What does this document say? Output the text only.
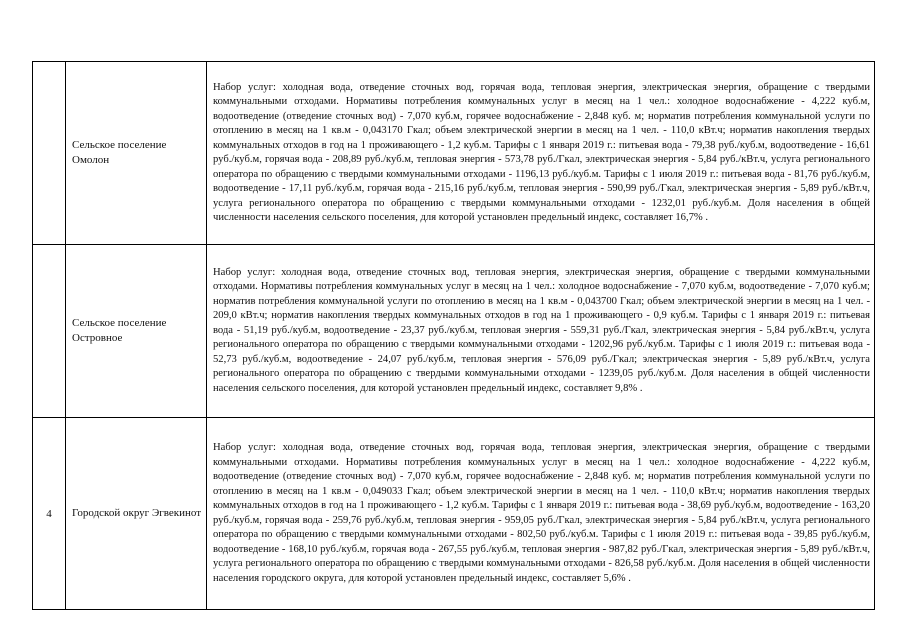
	Сельское поселение Омолон	Набор услуг: холодная вода, отведение сточных вод, горячая вода, тепловая энергия, электрическая энергия, обращение с твердыми коммунальными отходами. Нормативы потребления коммунальных услуг в месяц на 1 чел.: холодное водоснабжение - 4,222 куб.м, водоотведение (отведение сточных вод) - 7,070 куб.м, горячее водоснабжение - 2,848 куб. м; норматив потребления коммунальной услуги по отоплению в месяц на 1 кв.м - 0,043170 Гкал; объем электрической энергии в месяц на 1 чел. - 110,0 кВт.ч; норматив накопления твердых коммунальных отходов в год на 1 проживающего - 1,2 куб.м. Тарифы с 1 января 2019 г.: питьевая вода - 79,38 руб./куб.м, водоотведение - 16,61 руб./куб.м, горячая вода - 208,89 руб./куб.м, тепловая энергия - 573,78 руб./Гкал, электрическая энергия - 5,84 руб./кВт.ч, услуга регионального оператора по обращению с твердыми коммунальными отходами - 1196,13 руб./куб.м. Тарифы с 1 июля 2019 г.: питьевая вода - 81,76 руб./куб.м, водоотведение - 17,11 руб./куб.м, горячая вода - 215,16 руб./куб.м, тепловая энергия - 590,99 руб./Гкал, электрическая энергия - 5,89 руб./кВт.ч, услуга регионального оператора по обращению с твердыми коммунальными отходами - 1232,01 руб./куб.м. Доля населения в общей численности населения сельского поселения, для которой установлен предельный индекс, составляет 16,7% .
	Сельское поселение Островное	Набор услуг: холодная вода, отведение сточных вод, тепловая энергия, электрическая энергия, обращение с твердыми коммунальными отходами. Нормативы потребления коммунальных услуг в месяц на 1 чел.: холодное водоснабжение - 7,070 куб.м, водоотведение - 7,070 куб.м; норматив потребления коммунальной услуги по отоплению в месяц на 1 кв.м - 0,043700 Гкал; объем электрической энергии в месяц на 1 чел. - 209,0 кВт.ч; норматив накопления твердых коммунальных отходов в год на 1 проживающего - 0,9 куб.м. Тарифы с 1 января 2019 г.: питьевая вода - 51,19 руб./куб.м, водоотведение - 23,37 руб./куб.м, тепловая энергия - 559,31 руб./Гкал, электрическая энергия - 5,84 руб./кВт.ч, услуга регионального оператора по обращению с твердыми коммунальными отходами - 1202,96 руб./куб.м. Тарифы с 1 июля 2019 г.: питьевая вода - 52,73 руб./куб.м, водоотведение - 24,07 руб./куб.м, тепловая энергия - 576,09 руб./Гкал; электрическая энергия - 5,89 руб./кВт.ч, услуга регионального оператора по обращению с твердыми коммунальными отходами - 1239,05 руб./куб.м. Доля населения в общей численности населения сельского поселения, для которой установлен предельный индекс, составляет 9,8% .
4	Городской округ Эгвекинот	Набор услуг: холодная вода, отведение сточных вод, горячая вода, тепловая энергия, электрическая энергия, обращение с твердыми коммунальными отходами. Нормативы потребления коммунальных услуг в месяц на 1 чел.: холодное водоснабжение - 4,222 куб.м, водоотведение (отведение сточных вод) - 7,070 куб.м, горячее водоснабжение - 2,848 куб. м; норматив потребления коммунальной услуги по отоплению в месяц на 1 кв.м - 0,049033 Гкал; объем электрической энергии в месяц на 1 чел. - 110,0 кВт.ч; норматив накопления твердых коммунальных отходов в год на 1 проживающего - 1,2 куб.м. Тарифы с 1 января 2019 г.: питьевая вода - 38,69 руб./куб.м, водоотведение - 163,20 руб./куб.м, горячая вода - 259,76 руб./куб.м, тепловая энергия - 959,05 руб./Гкал, электрическая энергия - 5,84 руб./кВт.ч, услуга регионального оператора по обращению с твердыми коммунальными отходами - 802,50 руб./куб.м. Тарифы с 1 июля 2019 г.: питьевая вода - 39,85 руб./куб.м, водоотведение - 168,10 руб./куб.м, горячая вода - 267,55 руб./куб.м, тепловая энергия - 987,82 руб./Гкал, электрическая энергия - 5,89 руб./кВт.ч, услуга регионального оператора по обращению с твердыми коммунальными отходами - 826,58 руб./куб.м. Доля населения в общей численности населения городского округа, для которой установлен предельный индекс, составляет 5,6% .
